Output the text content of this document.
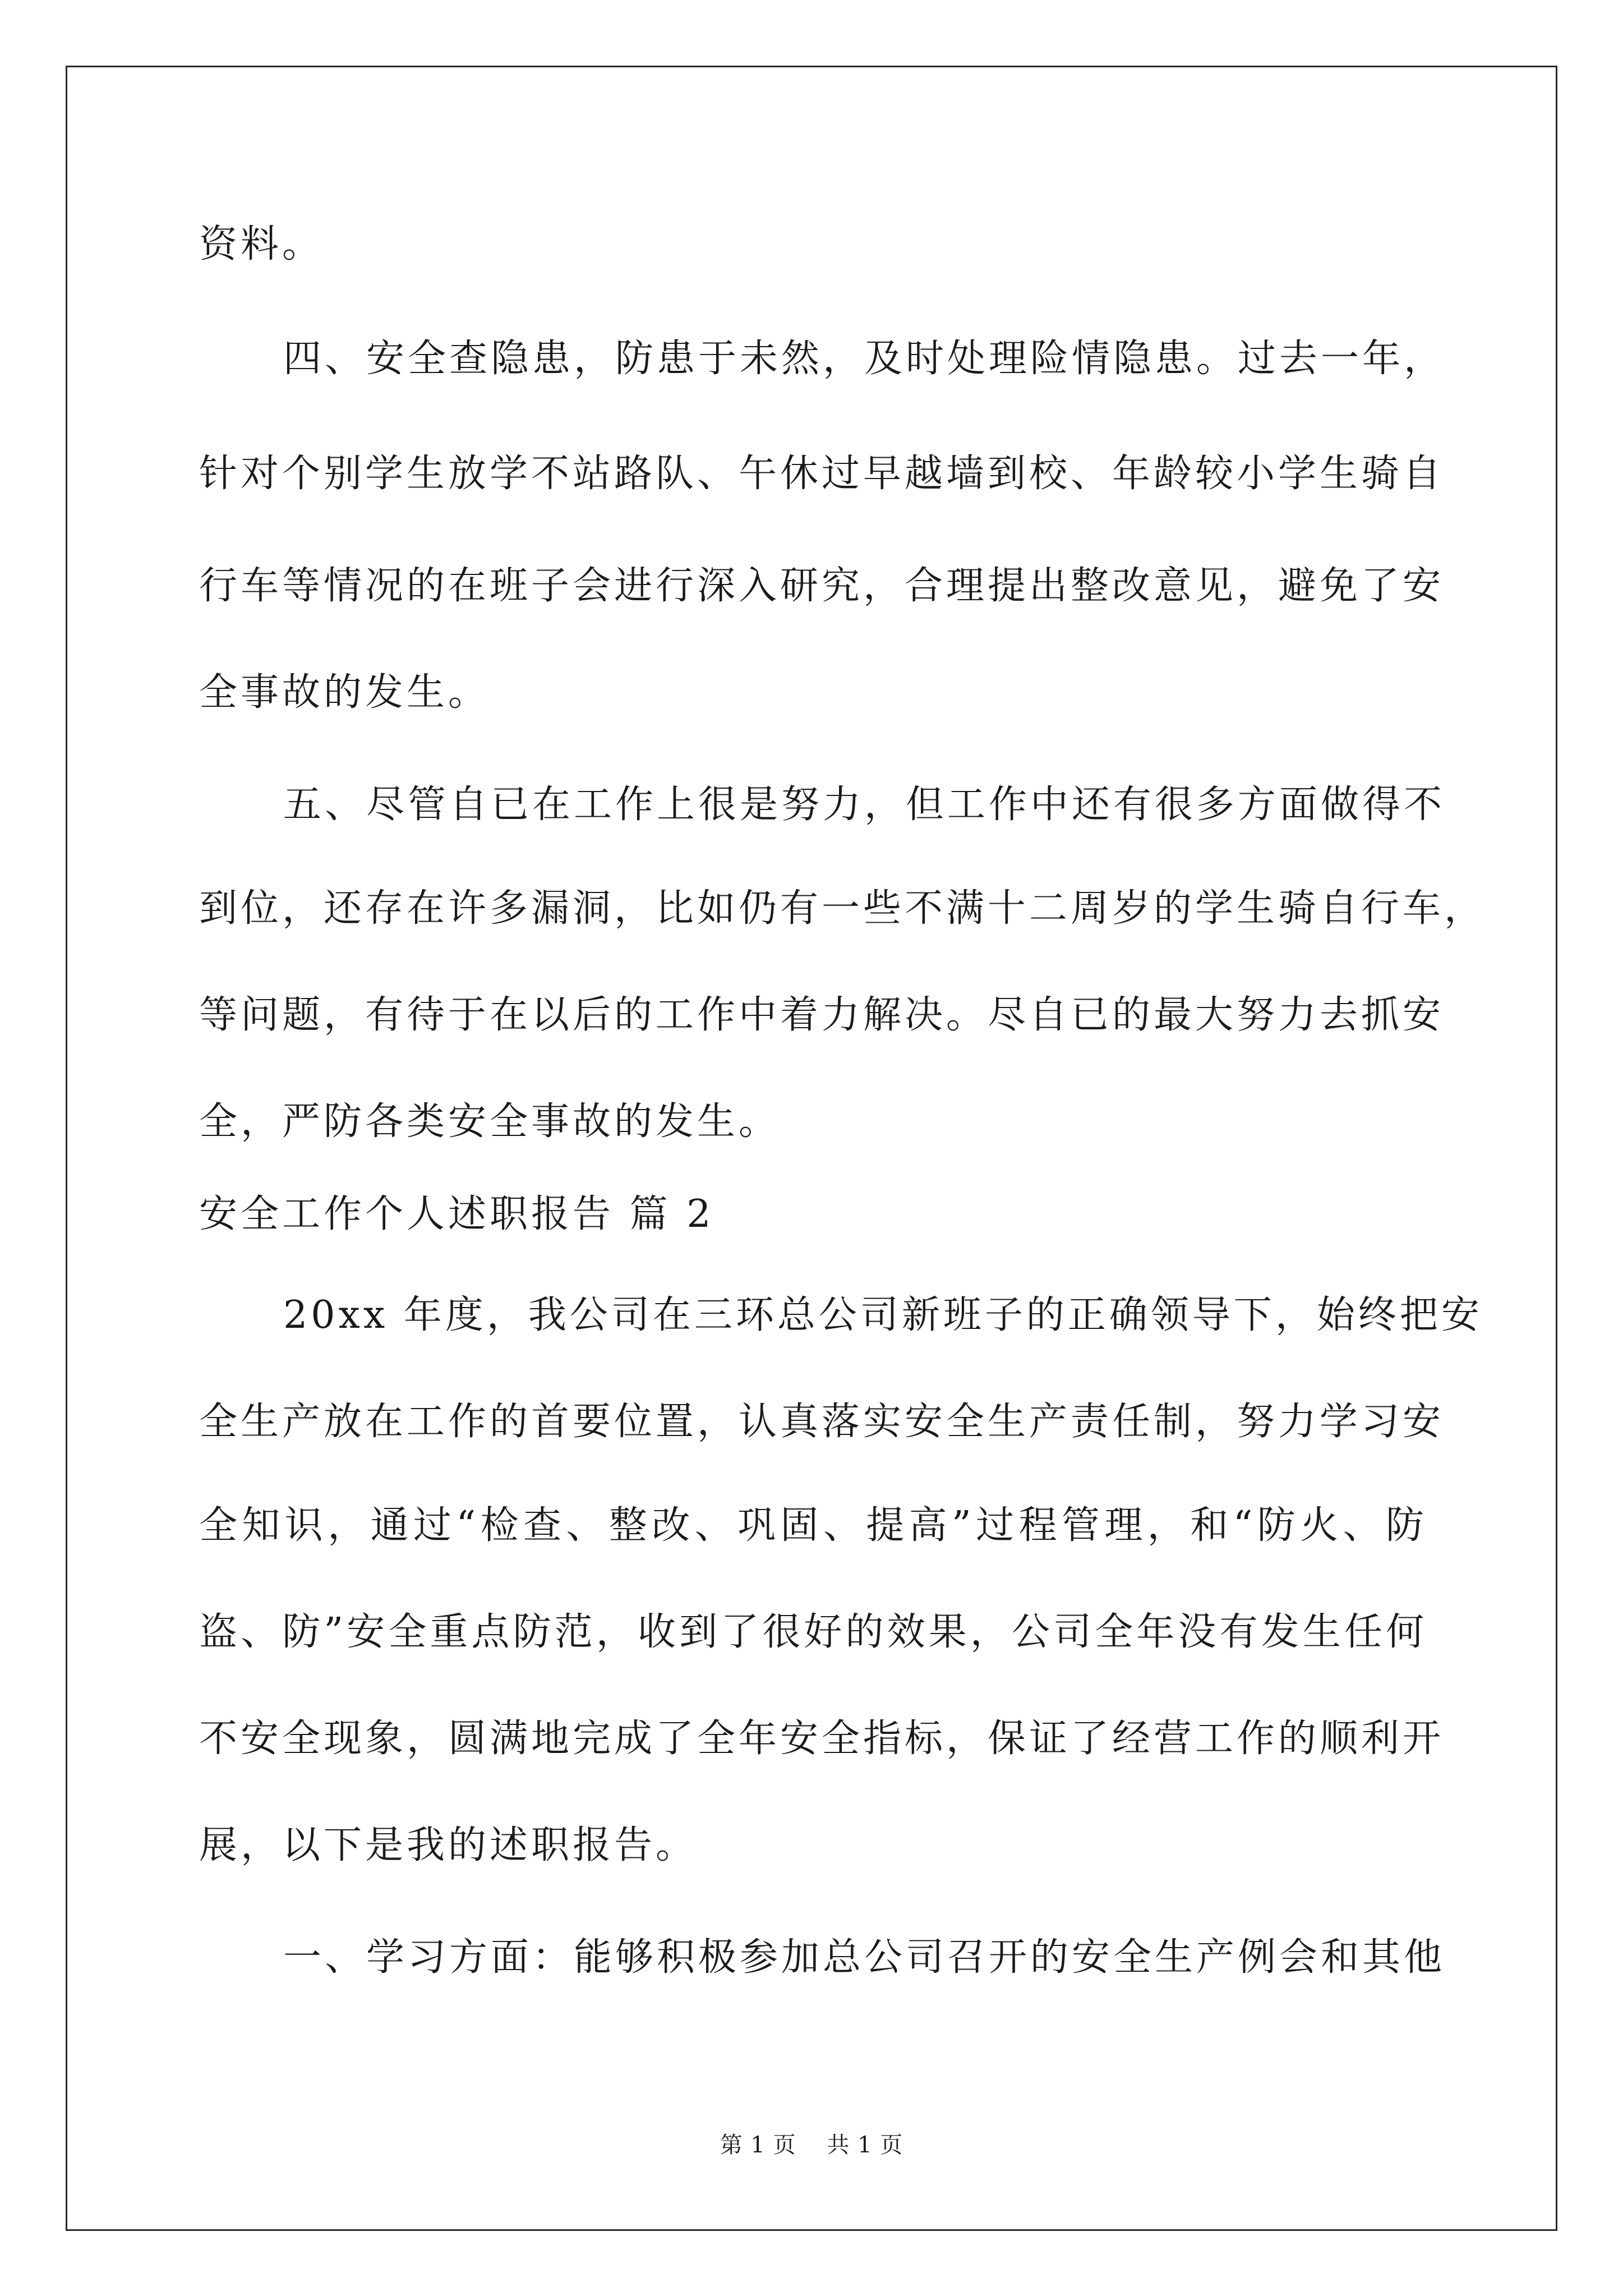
资料。
四、安全查隐患，防患于未然，及时处理险情隐患。过去一年，
针对个别学生放学不站路队、午休过早越墙到校、年龄较小学生骑自
行车等情况的在班子会进行深入研究，合理提出整改意见，避免了安
全事故的发生。
五、尽管自已在工作上很是努力，但工作中还有很多方面做得不
到位，还存在许多漏洞，比如仍有一些不满十二周岁的学生骑自行车，
等问题，有待于在以后的工作中着力解决。尽自已的最大努力去抓安
全，严防各类安全事故的发生。
安全工作个人述职报告 篇 2
20xx 年度，我公司在三环总公司新班子的正确领导下，始终把安
全生产放在工作的首要位置，认真落实安全生产责任制，努力学习安
全知识，通过“检查、整改、巩固、提高”过程管理，和“防火、防
盗、防”安全重点防范，收到了很好的效果，公司全年没有发生任何
不安全现象，圆满地完成了全年安全指标，保证了经营工作的顺利开
展，以下是我的述职报告。
一、学习方面：能够积极参加总公司召开的安全生产例会和其他
第 1 页    共 1 页
